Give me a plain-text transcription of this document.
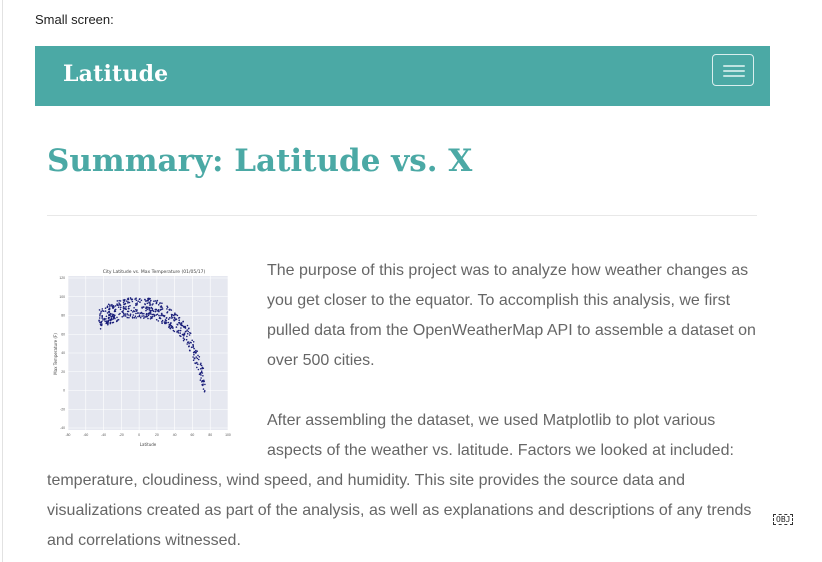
Small screen:
Latitude
Summary: Latitude vs. X
City Latitude vs. Max Temperature (01/05/17)
120
100
80
60
40
20
0
-20
-40
-80	-60	-40	-20	0	20	40	60	80	100
Latitude
Max Temperature (F)

The purpose of this project was to analyze how weather changes as

you get closer to the equator. To accomplish this analysis, we first

pulled data from the OpenWeatherMap API to assemble a dataset on

over 500 cities.

After assembling the dataset, we used Matplotlib to plot various

aspects of the weather vs. latitude. Factors we looked at included:

temperature, cloudiness, wind speed, and humidity. This site provides the source data and

visualizations created as part of the analysis, as well as explanations and descriptions of any trends

and correlations witnessed.

OBJ
